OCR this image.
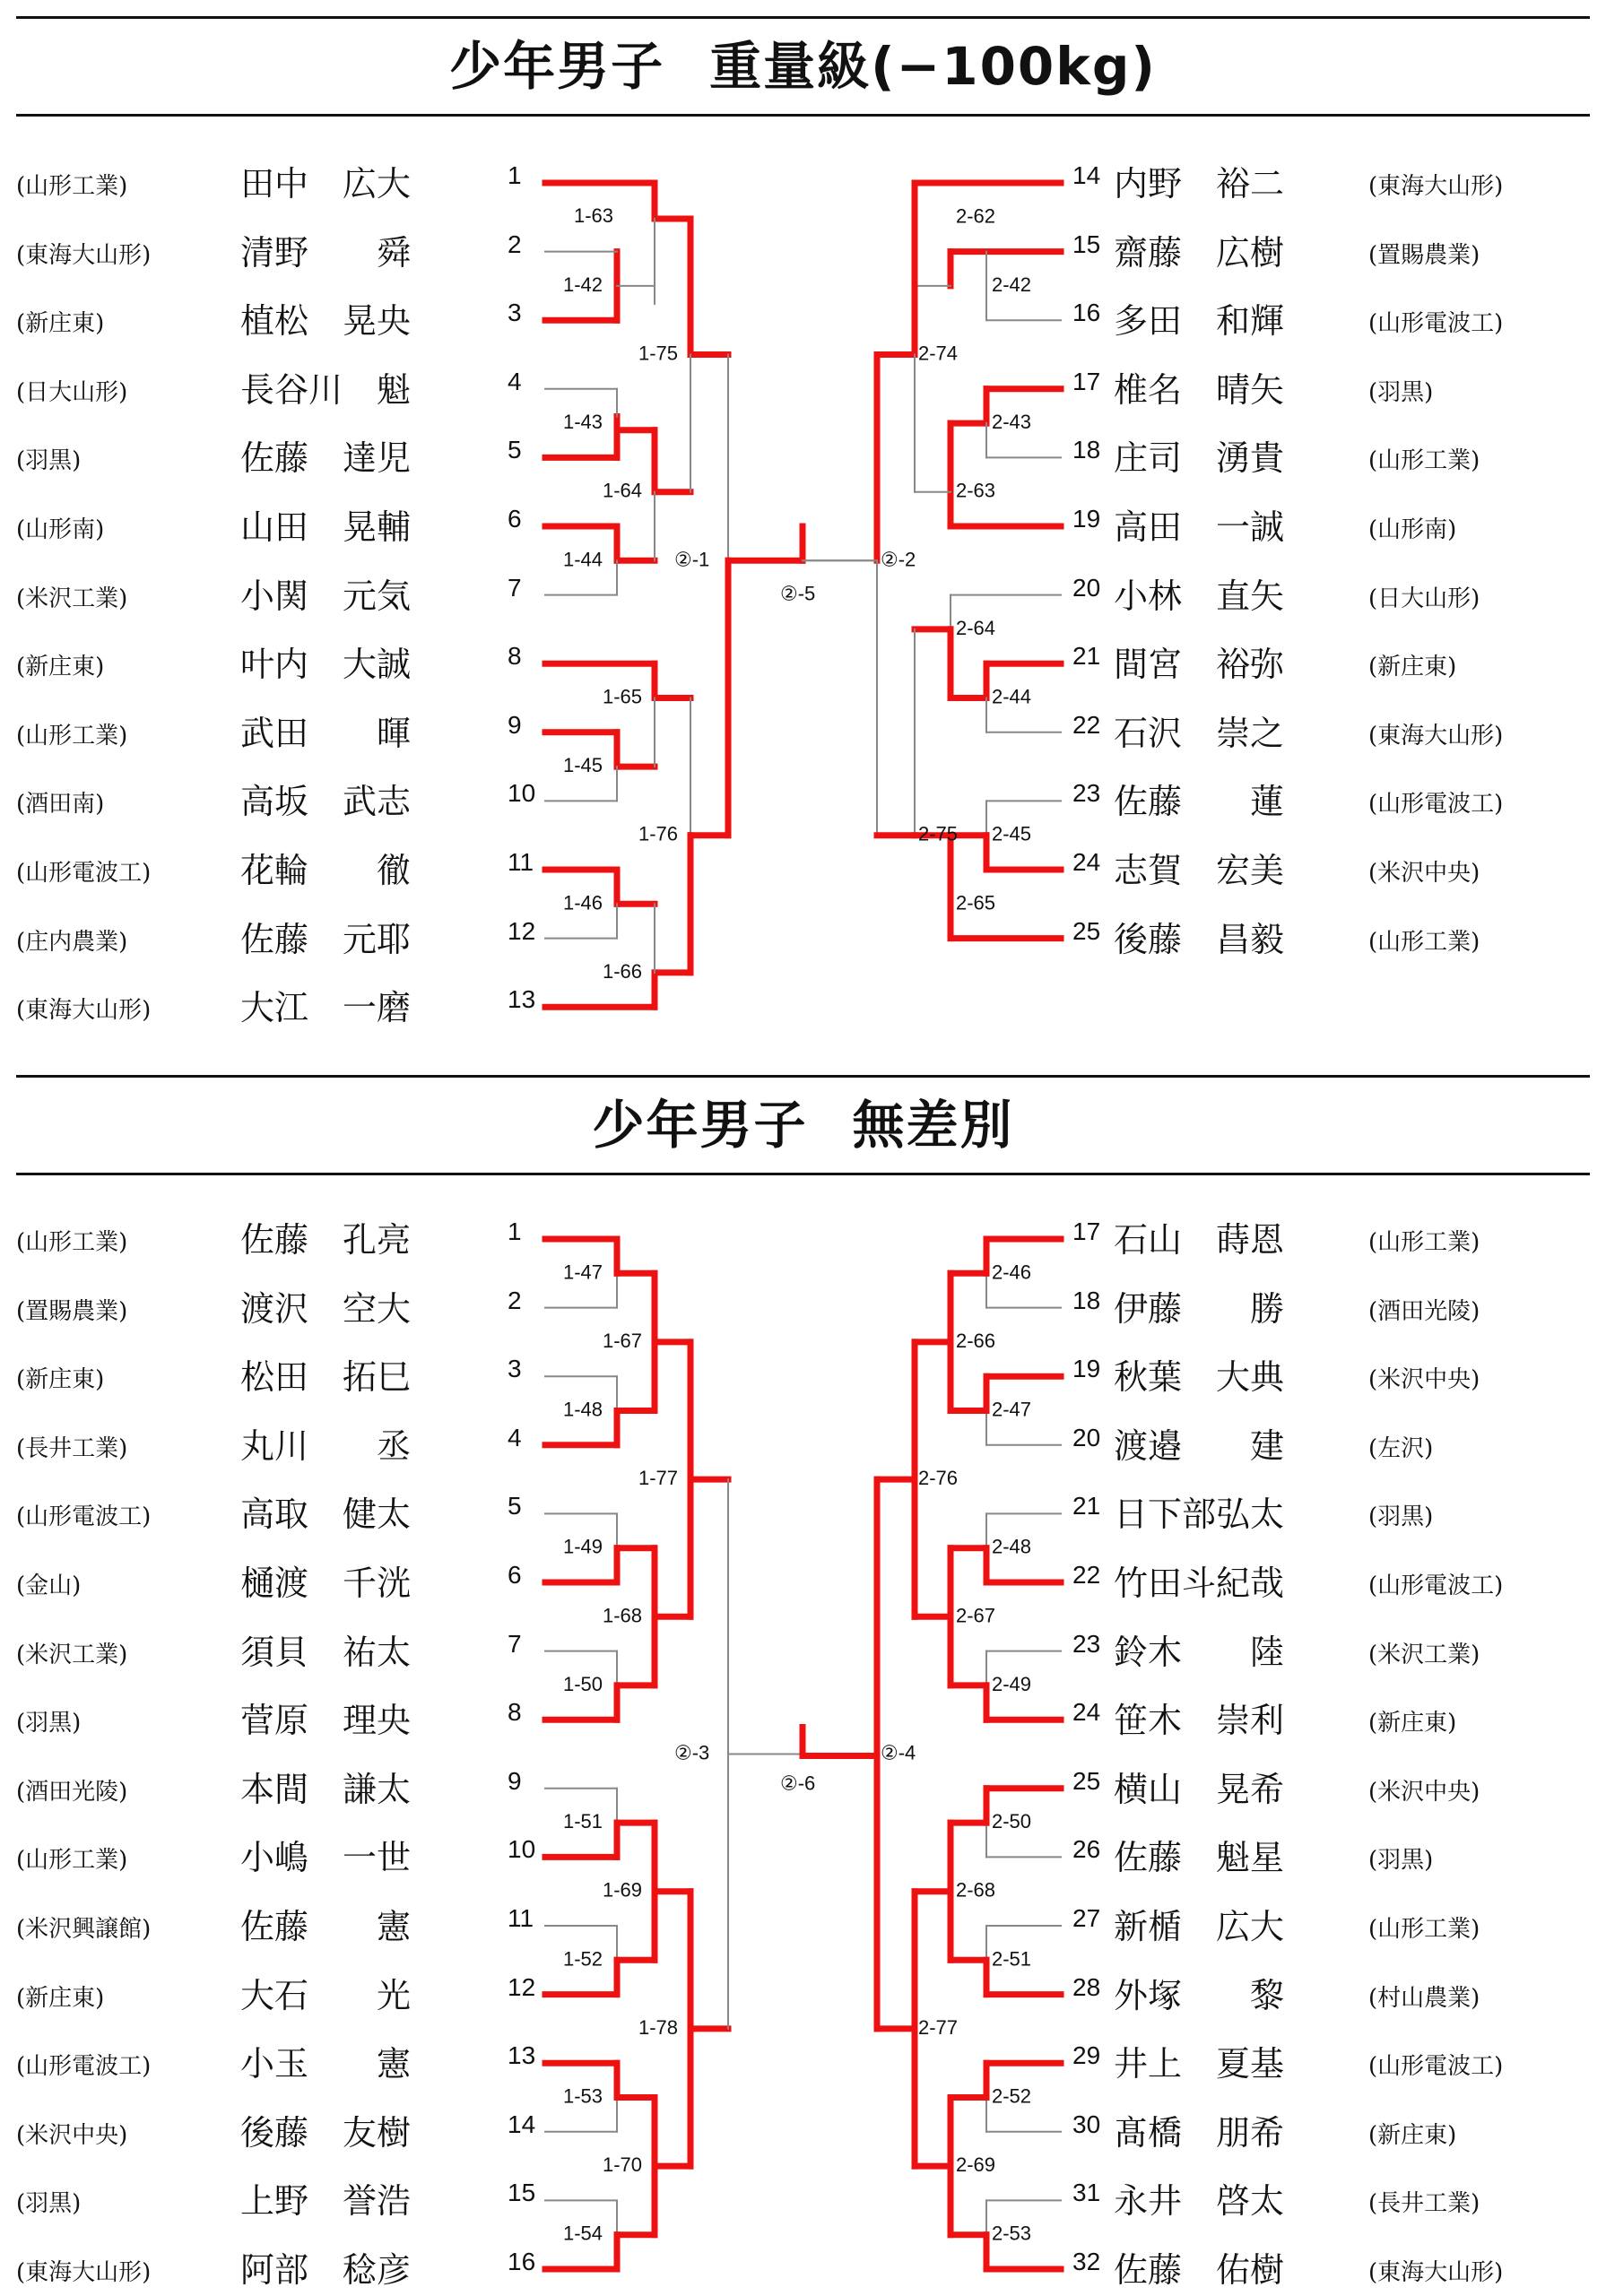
少年男子 重量級(−100kg)
(山形工業)	田中　広大	1
(東海大山形)	清野　　舜	2
(新庄東)	植松　晃央	3
(日大山形)	長谷川　魁	4
(羽黒)	佐藤　達児	5
(山形南)	山田　晃輔	6
(米沢工業)	小関　元気	7
(新庄東)	叶内　大誠	8
(山形工業)	武田　　暉	9
(酒田南)	高坂　武志	10
(山形電波工)	花輪　　徹	11
(庄内農業)	佐藤　元耶	12
(東海大山形)	大江　一磨	13
14 内野　裕二	(東海大山形)
15 齋藤　広樹	(置賜農業)
16 多田　和輝	(山形電波工)
17 椎名　晴矢	(羽黒)
18 庄司　湧貴	(山形工業)
19 高田　一誠	(山形南)
20 小林　直矢	(日大山形)
21 間宮　裕弥	(新庄東)
22 石沢　崇之	(東海大山形)
23 佐藤　　蓮	(山形電波工)
24 志賀　宏美	(米沢中央)
25 後藤　昌毅	(山形工業)
1-63
1-42
1-75
1-43
1-64
1-44
1-65
1-45
1-46
1-66
1-76
②-1
②-5
2-62
2-42
2-74
2-43
2-63
②-2
2-64
2-44
2-45
2-65
2-75
少年男子 無差別
(山形工業)	佐藤　孔亮	1
(置賜農業)	渡沢　空大	2
(新庄東)	松田　拓巳	3
(長井工業)	丸川　　丞	4
(山形電波工)	高取　健太	5
(金山)	樋渡　千洸	6
(米沢工業)	須貝　祐太	7
(羽黒)	菅原　理央	8
(酒田光陵)	本間　謙太	9
(山形工業)	小嶋　一世	10
(米沢興譲館)	佐藤　　憲	11
(新庄東)	大石　　光	12
(山形電波工)	小玉　　憲	13
(米沢中央)	後藤　友樹	14
(羽黒)	上野　誉浩	15
(東海大山形)	阿部　稔彦	16
17 石山　蒔恩	(山形工業)
18 伊藤　　勝	(酒田光陵)
19 秋葉　大典	(米沢中央)
20 渡邉　　建	(左沢)
21 日下部弘太	(羽黒)
22 竹田斗紀哉	(山形電波工)
23 鈴木　　陸	(米沢工業)
24 笹木　崇利	(新庄東)
25 横山　晃希	(米沢中央)
26 佐藤　魁星	(羽黒)
27 新楯　広大	(山形工業)
28 外塚　　黎	(村山農業)
29 井上　夏基	(山形電波工)
30 髙橋　朋希	(新庄東)
31 永井　啓太	(長井工業)
32 佐藤　佑樹	(東海大山形)
1-47
1-48
1-49
1-50
1-51
1-52
1-53
1-54
1-67
1-68
1-69
1-70
1-77
1-78
②-3
②-6
2-46
2-47
2-48
2-49
2-50
2-51
2-52
2-53
2-66
2-67
2-68
2-69
2-76
2-77
②-4
